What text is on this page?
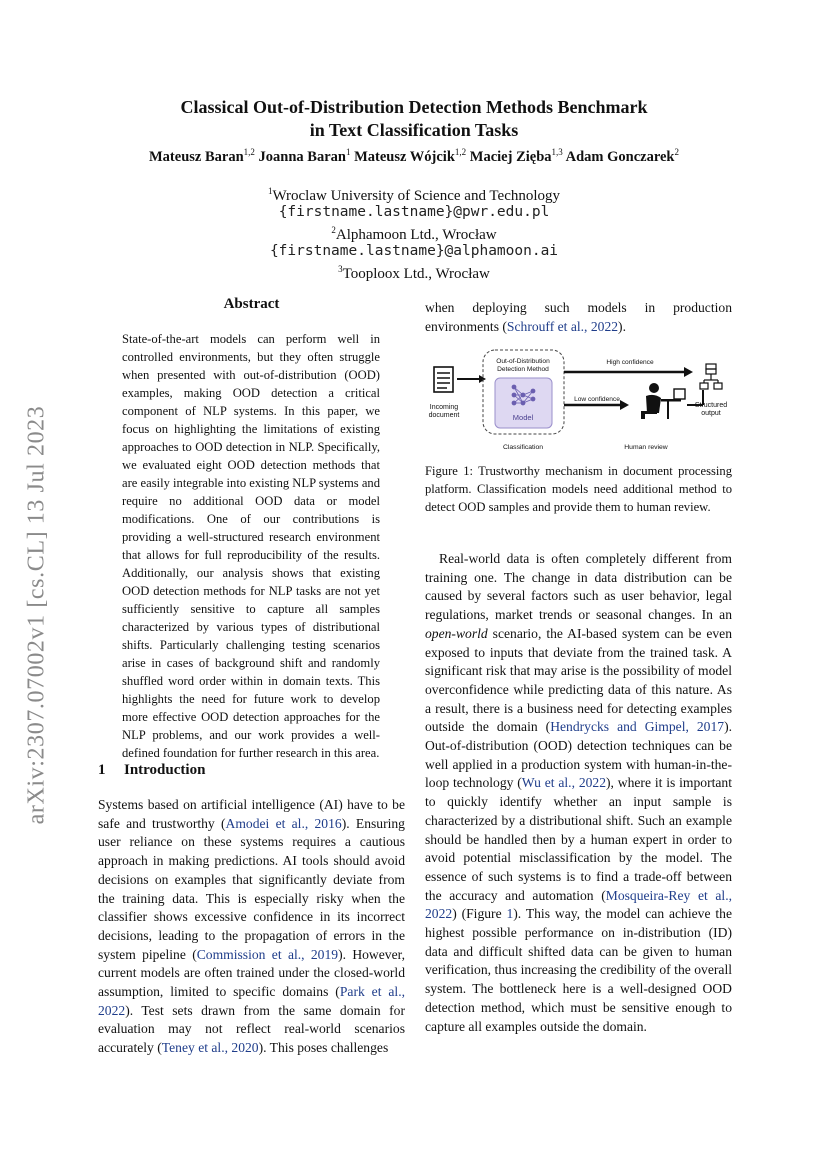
arXiv:2307.07002v1 [cs.CL] 13 Jul 2023
Classical Out-of-Distribution Detection Methods Benchmark
in Text Classification Tasks
Mateusz Baran$^{1,2}$ Joanna Baran$^1$ Mateusz Wójcik$^{1,2}$ Maciej Zięba$^{1,3}$ Adam Gonczarek$^2$
$^1$Wroclaw University of Science and Technology
{firstname.lastname}@pwr.edu.pl
$^2$Alphamoon Ltd., Wrocław
{firstname.lastname}@alphamoon.ai
$^3$Tooploox Ltd., Wrocław
Abstract
State-of-the-art models can perform well in controlled environments, but they often struggle when presented with out-of-distribution (OOD) examples, making OOD detection a critical component of NLP systems. In this paper, we focus on highlighting the limitations of existing approaches to OOD detection in NLP. Specifically, we evaluated eight OOD detection methods that are easily integrable into existing NLP systems and require no additional OOD data or model modifications. One of our contributions is providing a well-structured research environment that allows for full reproducibility of the results. Additionally, our analysis shows that existing OOD detection methods for NLP tasks are not yet sufficiently sensitive to capture all samples characterized by various types of distributional shifts. Particularly challenging testing scenarios arise in cases of background shift and randomly shuffled word order within in domain texts. This highlights the need for future work to develop more effective OOD detection approaches for the NLP problems, and our work provides a well-defined foundation for further research in this area.
1 Introduction
Systems based on artificial intelligence (AI) have to be safe and trustworthy (Amodei et al., 2016). Ensuring user reliance on these systems requires a cautious approach in making predictions. AI tools should avoid decisions on examples that significantly deviate from the training data. This is especially risky when the classifier shows excessive confidence in its incorrect decisions, leading to the propagation of errors in the system pipeline (Commission et al., 2019). However, current models are often trained under the closed-world assumption, limited to specific domains (Park et al., 2022). Test sets drawn from the same domain for evaluation may not reflect real-world scenarios accurately (Teney et al., 2020). This poses challenges
when deploying such models in production environments (Schrouff et al., 2022).
Incoming
document
Out-of-Distribution
Detection Method
Model
High confidence
Low confidence
Structured
output
Classification	Human review
Figure 1: Trustworthy mechanism in document processing platform. Classification models need additional method to detect OOD samples and provide them to human review.
Real-world data is often completely different from training one. The change in data distribution can be caused by several factors such as user behavior, legal regulations, market trends or seasonal changes. In an open-world scenario, the AI-based system can be even exposed to inputs that deviate from the trained task. A significant risk that may arise is the possibility of model overconfidence while predicting data of this nature. As a result, there is a business need for detecting examples outside the domain (Hendrycks and Gimpel, 2017). Out-of-distribution (OOD) detection techniques can be well applied in a production system with human-in-the-loop technology (Wu et al., 2022), where it is important to quickly identify whether an input sample is characterized by a distributional shift. Such an example should be handled then by a human expert in order to avoid potential misclassification by the model. The essence of such systems is to find a trade-off between the accuracy and automation (Mosqueira-Rey et al., 2022) (Figure 1). This way, the model can achieve the highest possible performance on in-distribution (ID) data and difficult shifted data can be given to human verification, thus increasing the credibility of the overall system. The bottleneck here is a well-designed OOD detection method, which must be sensitive enough to capture all examples outside the domain.
